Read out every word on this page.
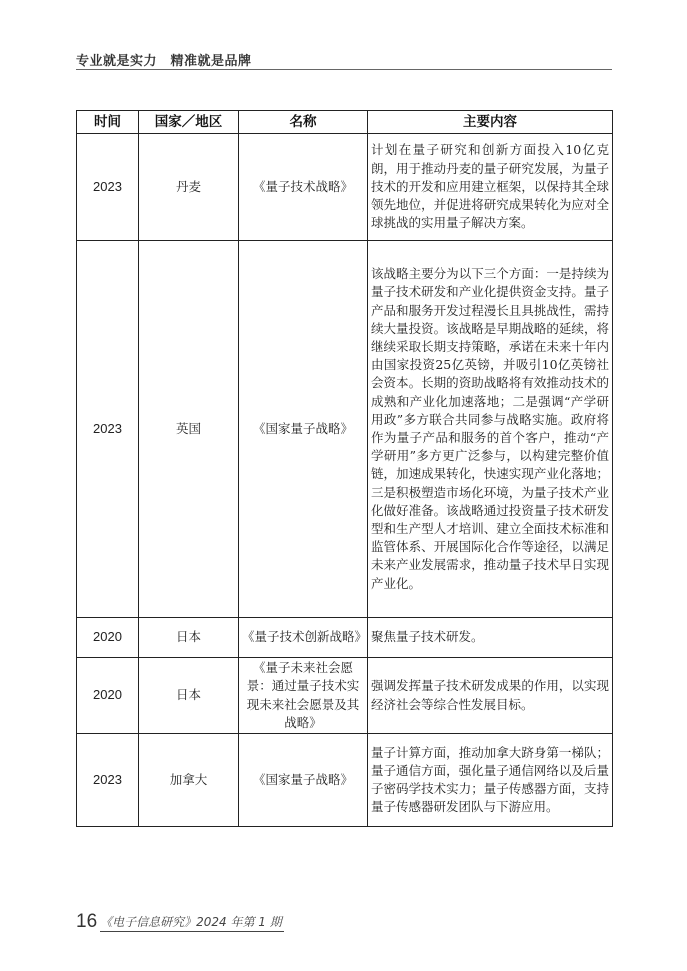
专业就是实力　精准就是品牌
时间	国家／地区	名称	主要内容
2023	丹麦	《量子技术战略》	计划在量子研究和创新方面投入10亿克朗，用于推动丹麦的量子研究发展，为量子技术的开发和应用建立框架，以保持其全球领先地位，并促进将研究成果转化为应对全球挑战的实用量子解决方案。
2023	英国	《国家量子战略》	该战略主要分为以下三个方面：一是持续为量子技术研发和产业化提供资金支持。量子产品和服务开发过程漫长且具挑战性，需持续大量投资。该战略是早期战略的延续，将继续采取长期支持策略，承诺在未来十年内由国家投资25亿英镑，并吸引10亿英镑社会资本。长期的资助战略将有效推动技术的成熟和产业化加速落地；二是强调“产学研用政”多方联合共同参与战略实施。政府将作为量子产品和服务的首个客户，推动“产学研用”多方更广泛参与，以构建完整价值链，加速成果转化，快速实现产业化落地；三是积极塑造市场化环境，为量子技术产业化做好准备。该战略通过投资量子技术研发型和生产型人才培训、建立全面技术标准和监管体系、开展国际化合作等途径，以满足未来产业发展需求，推动量子技术早日实现产业化。
2020	日本	《量子技术创新战略》	聚焦量子技术研发。
2020	日本	《量子未来社会愿景：通过量子技术实现未来社会愿景及其战略》	强调发挥量子技术研发成果的作用，以实现经济社会等综合性发展目标。
2023	加拿大	《国家量子战略》	量子计算方面，推动加拿大跻身第一梯队；量子通信方面，强化量子通信网络以及后量子密码学技术实力；量子传感器方面，支持量子传感器研发团队与下游应用。
16 《电子信息研究》2024 年第 1 期
